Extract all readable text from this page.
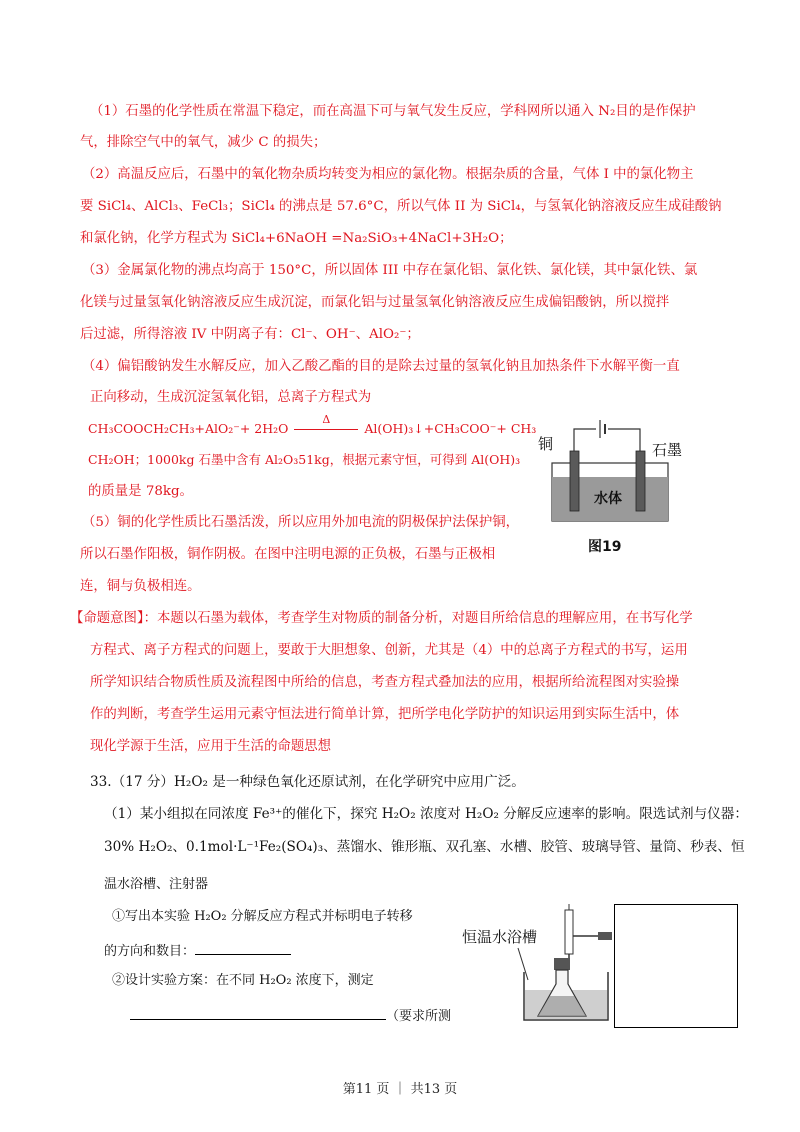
（1）石墨的化学性质在常温下稳定，而在高温下可与氧气发生反应，学科网所以通入 N₂目的是作保护
气，排除空气中的氧气，减少 C 的损失；
（2）高温反应后，石墨中的氧化物杂质均转变为相应的氯化物。根据杂质的含量，气体 I 中的氯化物主
要 SiCl₄、AlCl₃、FeCl₃；SiCl₄ 的沸点是 57.6°C，所以气体 II 为 SiCl₄，与氢氧化钠溶液反应生成硅酸钠
和氯化钠，化学方程式为 SiCl₄+6NaOH =Na₂SiO₃+4NaCl+3H₂O；
（3）金属氯化物的沸点均高于 150°C，所以固体 III 中存在氯化铝、氯化铁、氯化镁，其中氯化铁、氯
化镁与过量氢氧化钠溶液反应生成沉淀，而氯化铝与过量氢氧化钠溶液反应生成偏铝酸钠，所以搅拌
后过滤，所得溶液 IV 中阴离子有：Cl⁻、OH⁻、AlO₂⁻；
（4）偏铝酸钠发生水解反应，加入乙酸乙酯的目的是除去过量的氢氧化钠且加热条件下水解平衡一直
正向移动，生成沉淀氢氧化铝，总离子方程式为
CH₃COOCH₂CH₃+AlO₂⁻+ 2H₂O
Δ
Al(OH)₃↓+CH₃COO⁻+ CH₃
CH₂OH；1000kg 石墨中含有 Al₂O₃51kg，根据元素守恒，可得到 Al(OH)₃
的质量是 78kg。
（5）铜的化学性质比石墨活泼，所以应用外加电流的阴极保护法保护铜，
所以石墨作阳极，铜作阴极。在图中注明电源的正负极，石墨与正极相
连，铜与负极相连。
铜	石墨
水体
图19
【命题意图】：本题以石墨为载体，考查学生对物质的制备分析，对题目所给信息的理解应用，在书写化学
方程式、离子方程式的问题上，要敢于大胆想象、创新，尤其是（4）中的总离子方程式的书写，运用
所学知识结合物质性质及流程图中所给的信息，考查方程式叠加法的应用，根据所给流程图对实验操
作的判断，考查学生运用元素守恒法进行简单计算，把所学电化学防护的知识运用到实际生活中，体
现化学源于生活，应用于生活的命题思想
33.（17 分）H₂O₂ 是一种绿色氧化还原试剂，在化学研究中应用广泛。
（1）某小组拟在同浓度 Fe³⁺的催化下，探究 H₂O₂ 浓度对 H₂O₂ 分解反应速率的影响。限选试剂与仪器：
30% H₂O₂、0.1mol·L⁻¹Fe₂(SO₄)₃、蒸馏水、锥形瓶、双孔塞、水槽、胶管、玻璃导管、量筒、秒表、恒
温水浴槽、注射器
①写出本实验 H₂O₂ 分解反应方程式并标明电子转移
的方向和数目：
②设计实验方案：在不同 H₂O₂ 浓度下，测定
（要求所测
恒温水浴槽
第11 页 ｜ 共13 页
